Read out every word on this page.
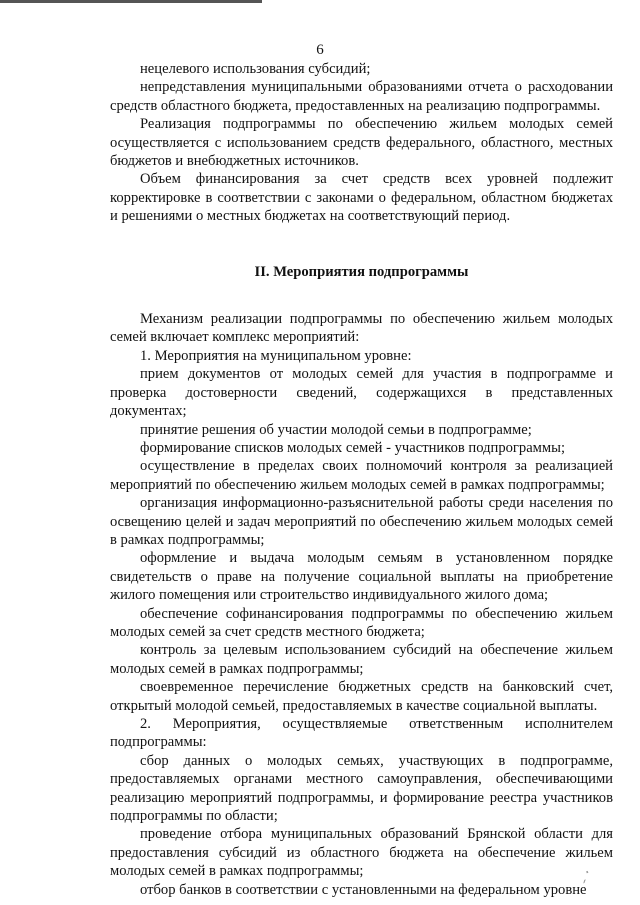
6

нецелевого использования субсидий;

непредставления муниципальными образованиями отчета о расходовании средств областного бюджета, предоставленных на реализацию подпрограммы.

Реализация подпрограммы по обеспечению жильем молодых семей осуществляется с использованием средств федерального, областного, местных бюджетов и внебюджетных источников.

Объем финансирования за счет средств всех уровней подлежит корректировке в соответствии с законами о федеральном, областном бюджетах и решениями о местных бюджетах на соответствующий период.

II. Мероприятия подпрограммы

Механизм реализации подпрограммы по обеспечению жильем молодых семей включает комплекс мероприятий:

1. Мероприятия на муниципальном уровне:

прием документов от молодых семей для участия в подпрограмме и проверка достоверности сведений, содержащихся в представленных документах;

принятие решения об участии молодой семьи в подпрограмме;

формирование списков молодых семей - участников подпрограммы;

осуществление в пределах своих полномочий контроля за реализацией мероприятий по обеспечению жильем молодых семей в рамках подпрограммы;

организация информационно-разъяснительной работы среди населения по освещению целей и задач мероприятий по обеспечению жильем молодых семей в рамках подпрограммы;

оформление и выдача молодым семьям в установленном порядке свидетельств о праве на получение социальной выплаты на приобретение жилого помещения или строительство индивидуального жилого дома;

обеспечение софинансирования подпрограммы по обеспечению жильем молодых семей за счет средств местного бюджета;

контроль за целевым использованием субсидий на обеспечение жильем молодых семей в рамках подпрограммы;

своевременное перечисление бюджетных средств на банковский счет, открытый молодой семьей, предоставляемых в качестве социальной выплаты.

2. Мероприятия, осуществляемые ответственным исполнителем подпрограммы:

сбор данных о молодых семьях, участвующих в подпрограмме, предоставляемых органами местного самоуправления, обеспечивающими реализацию мероприятий подпрограммы, и формирование реестра участников подпрограммы по области;

проведение отбора муниципальных образований Брянской области для предоставления субсидий из областного бюджета на обеспечение жильем молодых семей в рамках подпрограммы;

отбор банков в соответствии с установленными на федеральном уровне

ˏ·
